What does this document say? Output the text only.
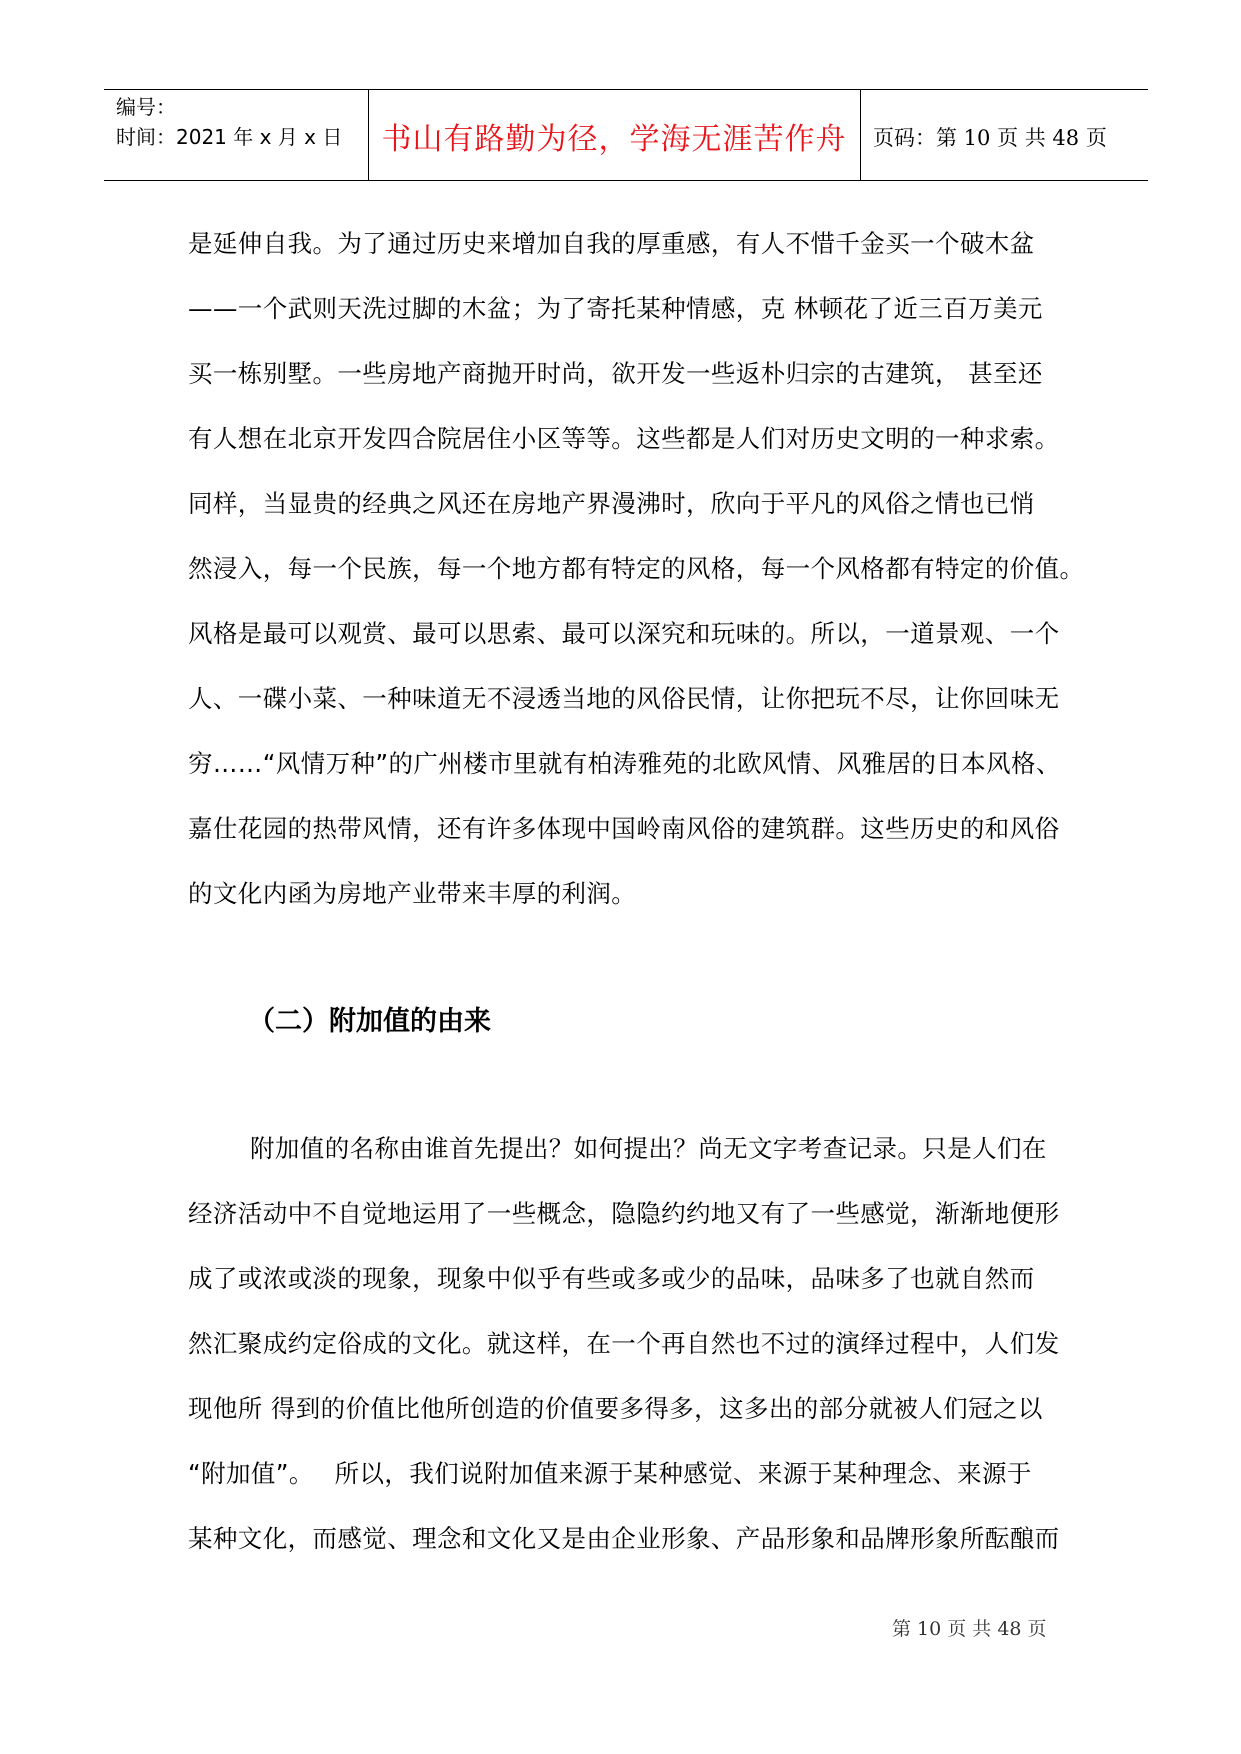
编号：
时间：2021 年 x 月 x 日	书山有路勤为径，学海无涯苦作舟	页码：第 10 页 共 48 页
是延伸自我。为了通过历史来增加自我的厚重感，有人不惜千金买一个破木盆
——一个武则天洗过脚的木盆；为了寄托某种情感，克 林顿花了近三百万美元
买一栋别墅。一些房地产商抛开时尚，欲开发一些返朴归宗的古建筑， 甚至还
有人想在北京开发四合院居住小区等等。这些都是人们对历史文明的一种求索。
同样，当显贵的经典之风还在房地产界漫沸时，欣向于平凡的风俗之情也已悄
然浸入，每一个民族，每一个地方都有特定的风格，每一个风格都有特定的价值。
风格是最可以观赏、最可以思索、最可以深究和玩味的。所以，一道景观、一个
人、一碟小菜、一种味道无不浸透当地的风俗民情，让你把玩不尽，让你回味无
穷……“风情万种”的广州楼市里就有柏涛雅苑的北欧风情、风雅居的日本风格、
嘉仕花园的热带风情，还有许多体现中国岭南风俗的建筑群。这些历史的和风俗
的文化内函为房地产业带来丰厚的利润。
（二）附加值的由来
附加值的名称由谁首先提出？如何提出？尚无文字考查记录。只是人们在
经济活动中不自觉地运用了一些概念，隐隐约约地又有了一些感觉，渐渐地便形
成了或浓或淡的现象，现象中似乎有些或多或少的品味，品味多了也就自然而
然汇聚成约定俗成的文化。就这样，在一个再自然也不过的演绎过程中，人们发
现他所 得到的价值比他所创造的价值要多得多，这多出的部分就被人们冠之以
“附加值”。　 所以，我们说附加值来源于某种感觉、来源于某种理念、来源于
某种文化，而感觉、理念和文化又是由企业形象、产品形象和品牌形象所酝酿而
第 10 页 共 48 页
